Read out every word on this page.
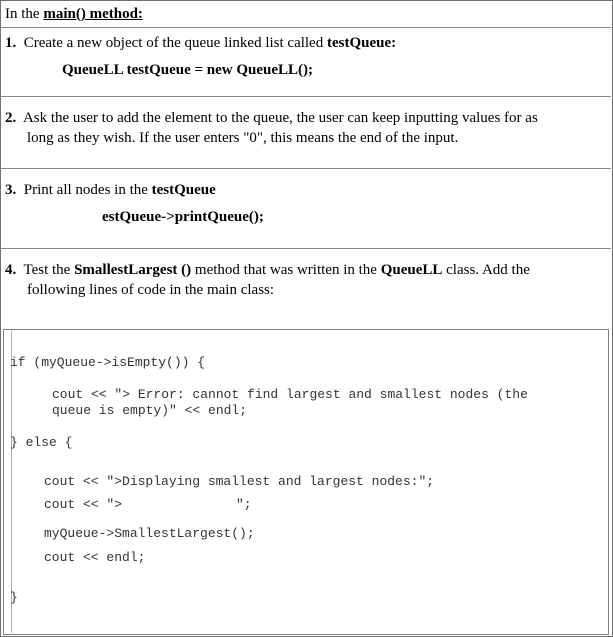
In the main() method:
1. Create a new object of the queue linked list called testQueue:
QueueLL testQueue = new QueueLL();
2. Ask the user to add the element to the queue, the user can keep inputting values for as
long as they wish. If the user enters "0", this means the end of the input.
3. Print all nodes in the testQueue
estQueue->printQueue();
4. Test the SmallestLargest () method that was written in the QueueLL class. Add the
following lines of code in the main class:
if (myQueue->isEmpty()) {
cout << "> Error: cannot find largest and smallest nodes (the
queue is empty)" << endl;
} else {
cout << ">Displaying smallest and largest nodes:";
cout << ">	";
myQueue->SmallestLargest();
cout << endl;
}
